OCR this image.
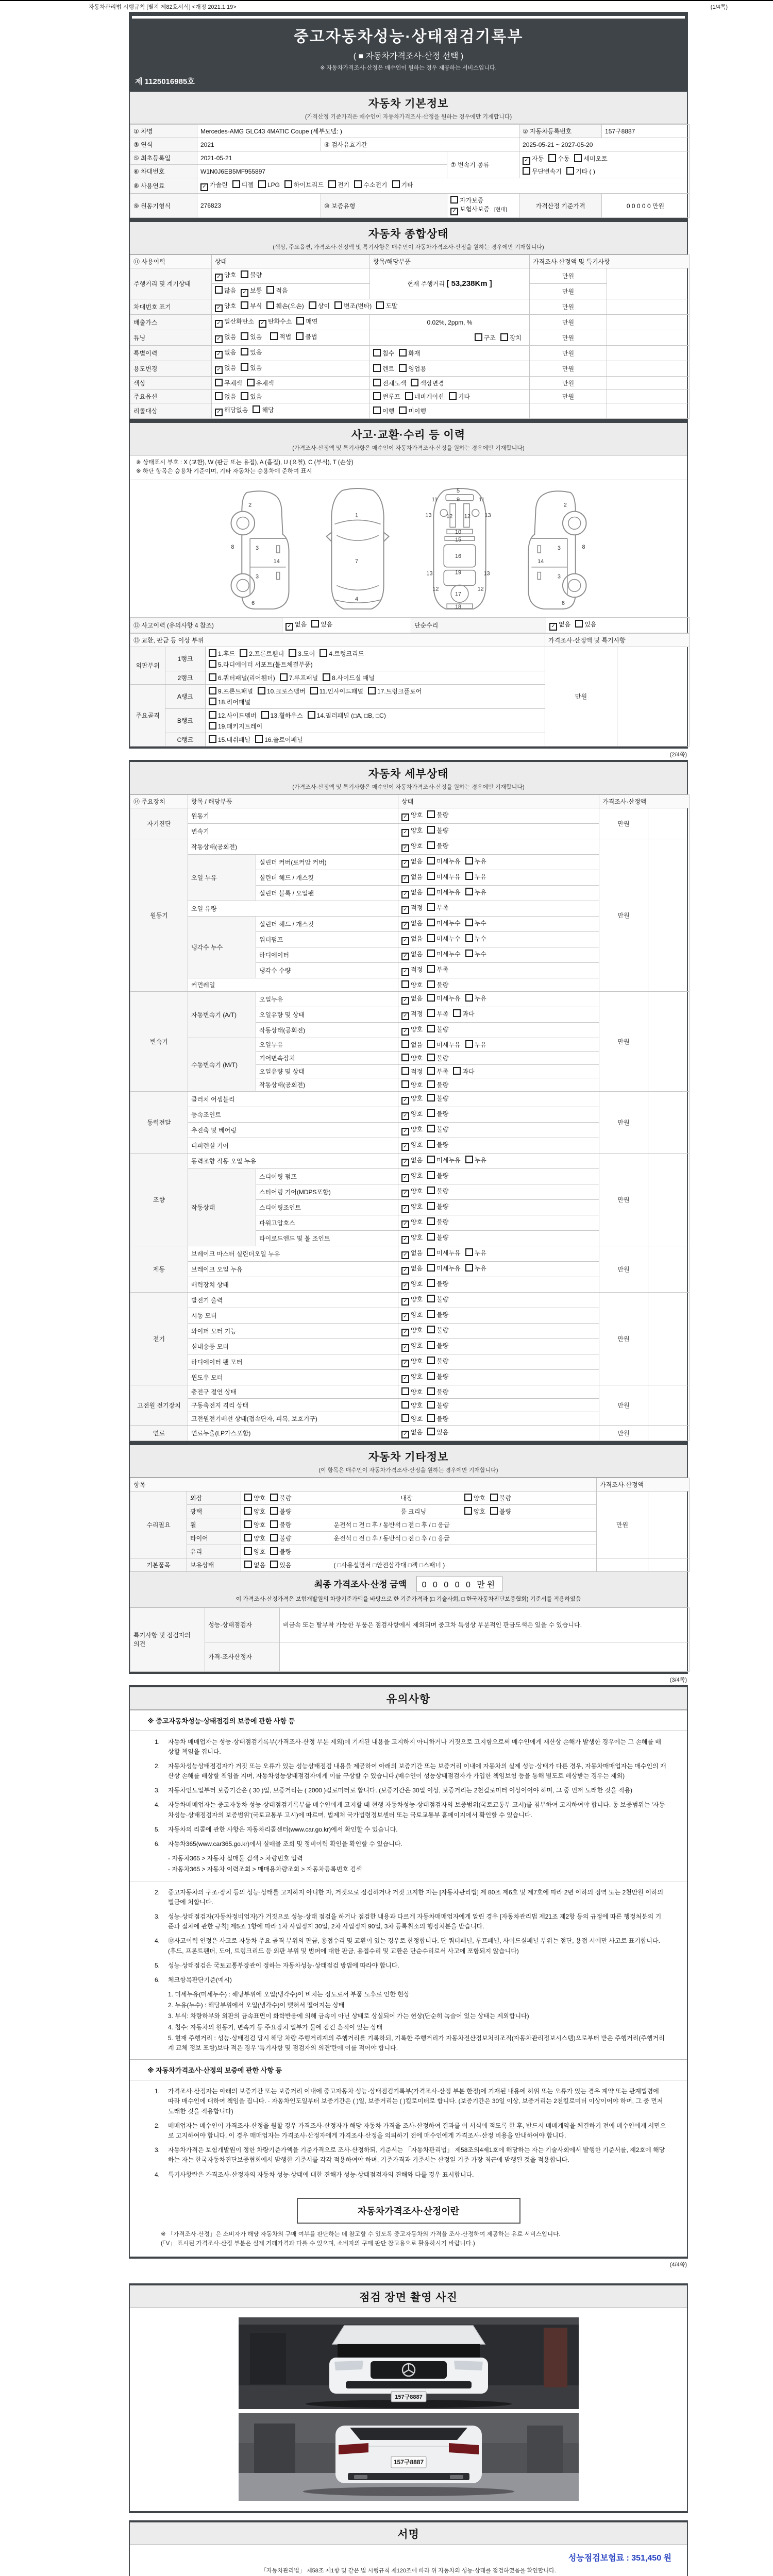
자동차관리법 시행규칙 [별지 제82호서식] <개정 2021.1.19>	(1/4쪽)
중고자동차성능·상태점검기록부
( ■ 자동차가격조사·산정 선택 )
※ 자동차가격조사·산정은 매수인이 원하는 경우 제공하는 서비스입니다.
제 1125016985호
자동차 기본정보
(가격산정 기준가격은 매수인이 자동차가격조사·산정을 원하는 경우에만 기재합니다)
① 차명	Mercedes-AMG GLC43 4MATIC Coupe (세부모델: )			② 자동차등록번호	157구8887
③ 연식	2021	④ 검사유효기간		2025-05-21 ~ 2027-05-20	
⑤ 최초등록일	2021-05-21		⑦ 변속기 종류	✓ 자동 수동 세미오토
무단변속기 기타 ( )	

⑥ 차대번호	W1N0J6EB5MF955897				
⑧ 사용연료	✓ 가솔린 디젤 LPG 하이브리드 전기 수소전기 기타				
⑨ 원동기형식	276823	⑩ 보증유형	자가보증✓ 보험사보증 [현대]	가격산정 기준가격	0 0 0 0 0 만원
자동차 종합상태
(색상, 주요옵션, 가격조사·산정액 및 특기사항은 매수인이 자동차가격조사·산정을 원하는 경우에만 기재합니다)
⑪ 사용이력	상태	항목/해당부품	가격조사·산정액 및 특기사항	
주행거리 및 계기상태	✓ 양호 불량	현재 주행거리 [ 53,238Km ]	만원	
	많음 ✓ 보통 적음		만원	
차대번호 표기	✓ 양호 부식 훼손(오손) 상이 변조(변타) 도말		만원	
배출가스	✓ 일산화탄소 ✓ 탄화수소 매연	0.02%, 2ppm, %	만원	
튜닝	✓ 없음 있음 적법 불법	구조 장치	만원	
특별이력	✓ 없음 있음	침수 화재	만원	
용도변경	✓ 없음 있음	렌트 영업용	만원	
색상	무채색 유채색	전체도색 색상변경	만원	
주요옵션	없음 있음	썬루프 네비게이션 기타	만원	
리콜대상	✓ 해당없음 해당	이행 미이행		
사고·교환·수리 등 이력
(가격조사·산정액 및 특기사항은 매수인이 자동차가격조사·산정을 원하는 경우에만 기재합니다)
※ 상태표시 부호 : X (교환), W (판금 또는 용접), A (흠집), U (요철), C (부식), T (손상)
※ 하단 항목은 승용차 기준이며, 기타 자동차는 승용차에 준하여 표시
2
8	3
14
3
6
1
7
4
5
9
11	11
13	13
12 12
10
15
16
19
13	13
12	12
17
18
2
8
3
14
3
6
⑫ 사고이력 (유의사항 4 참조)	✓ 없음 있음	단순수리	✓ 없음 있음
⑬ 교환, 판금 등 이상 부위			가격조사·산정액 및 특기사항	
외판부위	1랭크	1.후드 2.프론트휀더 3.도어 4.트렁크리드
5.라디에이터 서포트(볼트체결부품)	만원	
	2랭크	6.쿼터패널(리어휀더) 7.루프패널 8.사이드실 패널		

주요골격	A랭크	9.프론트패널 10.크로스멤버 11.인사이드패널 17.트렁크플로어
18.리어패널		

	B랭크	12.사이드멤버 13.휠하우스 14.필러패널 (□A, □B, □C)
19.패키지트레이		

	C랭크	15.대쉬패널 16.플로어패널		
(2/4쪽)
자동차 세부상태
(가격조사·산정액 및 특기사항은 매수인이 자동차가격조사·산정을 원하는 경우에만 기재합니다)
⑭ 주요장치	항목 / 해당부품		상태	가격조사·산정액	
자기진단	원동기		✓ 양호 불량	만원	
	변속기		✓ 양호 불량		
원동기	작동상태(공회전)		✓ 양호 불량	만원	
	오일 누유	실린더 커버(로커암 커버)	✓ 없음 미세누유 누유		
		실린더 헤드 / 개스킷	✓ 없음 미세누유 누유		
		실린더 블록 / 오일팬	✓ 없음 미세누유 누유		
	오일 유량		✓ 적정 부족		
	냉각수 누수	실린더 헤드 / 개스킷	✓ 없음 미세누수 누수		
		워터펌프	✓ 없음 미세누수 누수		
		라디에이터	✓ 없음 미세누수 누수		
		냉각수 수량	✓ 적정 부족		
	커먼레일		양호 불량		
변속기	자동변속기 (A/T)	오일누유	✓ 없음 미세누유 누유	만원	
		오일유량 및 상태	✓ 적정 부족 과다		
		작동상태(공회전)	✓ 양호 불량		
	수동변속기 (M/T)	오일누유	없음 미세누유 누유		
		기어변속장치	양호 불량		
		오일유량 및 상태	적정 부족 과다		
		작동상태(공회전)	양호 불량		
동력전달	클러치 어셈블리		✓ 양호 불량	만원	
	등속조인트		✓ 양호 불량		
	추진축 및 베어링		✓ 양호 불량		
	디퍼렌셜 기어		✓ 양호 불량		
조향	동력조향 작동 오일 누유		✓ 없음 미세누유 누유	만원	
	작동상태	스티어링 펌프	✓ 양호 불량		
		스티어링 기어(MDPS포함)	✓ 양호 불량		
		스티어링조인트	✓ 양호 불량		
		파워고압호스	✓ 양호 불량		
		타이로드엔드 및 볼 조인트	✓ 양호 불량		
제동	브레이크 마스터 실린더오일 누유		✓ 없음 미세누유 누유	만원	
	브레이크 오일 누유		✓ 없음 미세누유 누유		
	배력장치 상태		✓ 양호 불량		
전기	발전기 출력		✓ 양호 불량	만원	
	시동 모터		✓ 양호 불량		
	와이퍼 모터 기능		✓ 양호 불량		
	실내송풍 모터		✓ 양호 불량		
	라디에이터 팬 모터		✓ 양호 불량		
	윈도우 모터		✓ 양호 불량		
고전원 전기장치	충전구 절연 상태		양호 불량	만원	
	구동축전지 격리 상태		양호 불량		
	고전원전기배선 상태(접속단자, 피복, 보호기구)		양호 불량		
연료	연료누출(LP가스포함)		✓ 없음 있음	만원	
자동차 기타정보
(이 항목은 매수인이 자동차가격조사·산정을 원하는 경우에만 기재합니다)
항목			가격조사·산정액	
수리필요	외장	양호 불량 내장 양호 불량	만원	
	광택	양호 불량 룸 크리닝 양호 불량		
	휠	양호 불량 운전석 □ 전 □ 후 / 동반석 □ 전 □ 후 / □ 응급		
	타이어	양호 불량 운전석 □ 전 □ 후 / 동반석 □ 전 □ 후 / □ 응급		
	유리	양호 불량		
기본품목	보유상태	없음 있음 ( □사용설명서 □안전삼각대 □잭 □스패너 )		
최종 가격조사·산정 금액 0 0 0 0 0 만원
이 가격조사·산정가격은 보험개발원의 차량기준가액을 바탕으로 한 기준가격과 (□ 기술사회, □ 한국자동차진단보증협회) 기준서를 적용하였음
특기사항 및 점검자의 의견	성능·상태점검자	비금속 또는 탈부착 가능한 부품은 점검사항에서 제외되며 중고차 특성상 부분적인 판금도색은 있을 수 있습니다.
	가격·조사산정자	
(3/4쪽)
유의사항
※ 중고자동차성능·상태점검의 보증에 관한 사항 등
1.	자동차 매매업자는 성능·상태점검기록부(가격조사·산정 부분 제외)에 기재된 내용을 고지하지 아니하거나 거짓으로 고지함으로써 매수인에게 재산상 손해가 발생한 경우에는 그 손해를 배상할 책임을 집니다.
2.	자동차성능상태점검자가 거짓 또는 오류가 있는 성능상태점검 내용을 제공하여 아래의 보증기간 또는 보증거리 이내에 자동차의 실제 성능·상태가 다른 경우, 자동차매매업자는 매수인의 재산상 손해를 배상할 책임을 지며, 자동차성능상태점검자에게 이를 구상할 수 있습니다.(매수인이 성능상태점검자가 가입한 책임보험 등을 통해 별도로 배상받는 경우는 제외)
3.	자동차인도일부터 보증기간은 ( 30 )일, 보증거리는 ( 2000 )킬로미터로 합니다. (보증기간은 30일 이상, 보증거리는 2천킬로미터 이상이어야 하며, 그 중 먼저 도래한 것을 적용)
4.	자동차매매업자는 중고자동차 성능·상태점검기록부를 매수인에게 고지할 때 현행 자동차성능·상태점검자의 보증범위(국토교통부 고시)를 첨부하여 고지하여야 합니다. 동 보증범위는 '자동차성능·상태점검자의 보증범위'(국토교통부 고시)에 따르며, 법제처 국가법령정보센터 또는 국토교통부 홈페이지에서 확인할 수 있습니다.
5.	자동차의 리콜에 관한 사항은 자동차리콜센터(www.car.go.kr)에서 확인할 수 있습니다.
6.	자동차365(www.car365.go.kr)에서 실매물 조회 및 정비이력 확인을 확인할 수 있습니다.
- 자동차365 > 자동차 실매물 검색 > 차량번호 입력
- 자동차365 > 자동차 이력조회 > 매매용차량조회 > 자동차등록번호 검색
2.	중고자동차의 구조·장치 등의 성능·상태를 고지하지 아니한 자, 거짓으로 점검하거나 거짓 고지한 자는 [자동차관리법] 제 80조 제6호 및 제7호에 따라 2년 이하의 징역 또는 2천만원 이하의 벌금에 처합니다.
3.	성능·상태점검자(자동차정비업자)가 거짓으로 성능·상태 점검을 하거나 점검한 내용과 다르게 자동차매매업자에게 알린 경우 [자동차관리법 제21조 제2항 등의 규정에 따른 행정처분의 기준과 절차에 관한 규칙] 제5조 1항에 따라 1차 사업정지 30일, 2차 사업정지 90일, 3차 등록취소의 행정처분을 받습니다.
4.	⑫사고이력 인정은 사고로 자동차 주요 골격 부위의 판금, 용접수리 및 교환이 있는 경우로 한정합니다. 단 쿼터패널, 루프패널, 사이드실패널 부위는 절단, 용접 시에만 사고로 표기합니다. (후드, 프론트펜더, 도어, 트렁크리드 등 외판 부위 및 범퍼에 대한 판금, 용접수리 및 교환은 단순수리로서 사고에 포함되지 않습니다)
5.	성능·상태점검은 국토교통부장관이 정하는 자동차성능·상태점검 방법에 따라야 합니다.
6.	체크항목판단기준(예시)
1. 미세누유(미세누수) : 해당부위에 오일(냉각수)이 비치는 정도로서 부품 노후로 인한 현상
2. 누유(누수) : 해당부위에서 오일(냉각수)이 맺혀서 떨어지는 상태
3. 부식: 차량하부와 외판의 금속표면이 화학반응에 의해 금속이 아닌 상태로 상실되어 가는 현상(단순히 녹슬어 있는 상태는 제외합니다)
4. 침수: 자동차의 원동기, 변속기 등 주요장치 일부가 물에 잠긴 흔적이 있는 상태
5. 현재 주행거리 : 성능·상태점검 당시 해당 차량 주행거리계의 주행거리를 기록하되, 기록한 주행거리가 자동차전산정보처리조직(자동차관리정보시스템)으로부터 받은 주행거리(주행거리계 교체 정보 포함)보다 적은 경우 '특기사항 및 점검자의 의견'란에 이를 적어야 합니다.
※ 자동차가격조사·산정의 보증에 관한 사항 등
1.	가격조사·산정자는 아래의 보증기간 또는 보증거리 이내에 중고자동차 성능·상태점검기록부(가격조사·산정 부분 한정)에 기재된 내용에 허위 또는 오류가 있는 경우 계약 또는 관계법령에 따라 매수인에 대하여 책임을 집니다. · 자동차인도일부터 보증기간은 ( )일, 보증거리는 ( )킬로미터로 합니다. (보증기간은 30일 이상, 보증거리는 2천킬로미터 이상이어야 하며, 그 중 먼저 도래한 것을 적용합니다)
2.	매매업자는 매수인이 가격조사·산정을 원할 경우 가격조사·산정자가 해당 자동차 가격을 조사·산정하여 결과를 이 서식에 적도록 한 후, 반드시 매매계약을 체결하기 전에 매수인에게 서면으로 고지하여야 합니다. 이 경우 매매업자는 가격조사·산정자에게 가격조사·산정을 의뢰하기 전에 매수인에게 가격조사·산정 비용을 안내하여야 합니다.
3.	자동차가격은 보험개발원이 정한 차량기준가액을 기준가격으로 조사·산정하되, 기준서는 「자동차관리법」 제58조의4제1호에 해당하는 자는 기술사회에서 발행한 기준서를, 제2호에 해당하는 자는 한국자동차진단보증협회에서 발행한 기준서를 각각 적용하여야 하며, 기준가격과 기준서는 산정일 기준 가장 최근에 발행된 것을 적용합니다.
4.	특기사항란은 가격조사·산정자의 자동차 성능·상태에 대한 견해가 성능·상태점검자의 견해와 다를 경우 표시합니다.
자동차가격조사·산정이란
※ 「가격조사·산정」은 소비자가 해당 자동차의 구매 여부를 판단하는 데 참고할 수 있도록 중고자동차의 가격을 조사·산정하여 제공하는 유료 서비스입니다.
(「V」 표시된 가격조사·산정 부분은 실제 거래가격과 다를 수 있으며, 소비자의 구매 판단 참고용으로 활용하시기 바랍니다.)
(4/4쪽)
점검 장면 촬영 사진
157구8887
157구8887
서명
성능점검보험료 : 351,450 원
「자동차관리법」 제58조 제1항 및 같은 법 시행규칙 제120조에 따라 위 자동차의 성능·상태를 점검하였음을 확인합니다.
